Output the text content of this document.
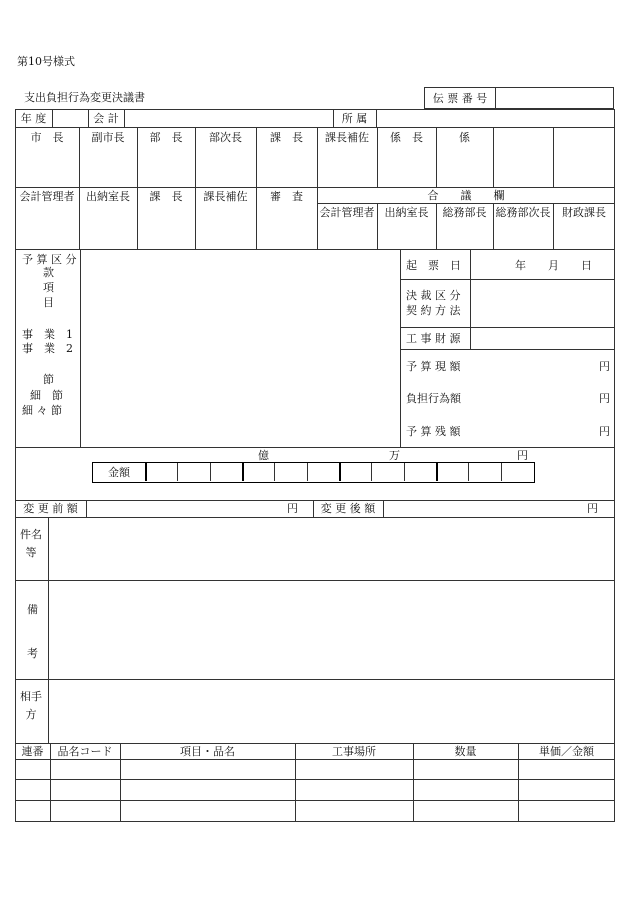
第10号様式
支出負担行為変更決議書	伝 票 番 号
年 度	会 計	所 属
市　長	副市長	部　長	部次長	課　長	課長補佐	係　長	係
会計管理者	出納室長	課　長	課長補佐	審　査	合　　議　　欄
会計管理者 出納室長	総務部長 総務部次長	財政課長
予 算 区 分
款
項
目
事　業　1
事　業　2
節
細　節
細 々 節
起　票　日	年　　月　　日
決 裁 区 分
契 約 方 法
工 事 財 源
予 算 現 額	円
負担行為額	円
予 算 残 額	円
億	万	円
金額
変 更 前 額	円	変 更 後 額	円
件名等
備
考
相手方
連番	品名コード	項目・品名	工事場所	数量	単価／金額
